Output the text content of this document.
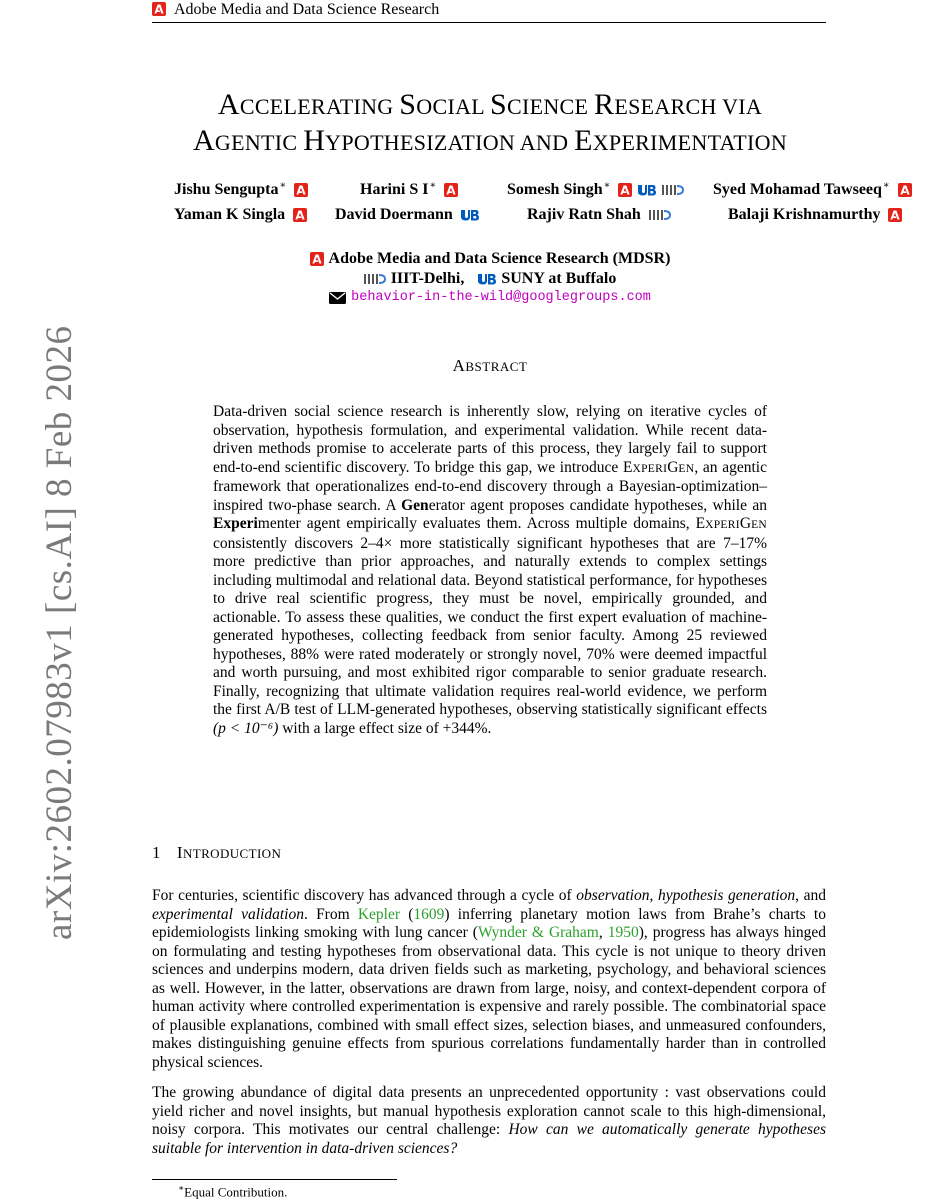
Adobe Media and Data Science Research
arXiv:2602.07983v1 [cs.AI] 8 Feb 2026
ACCELERATING SOCIAL SCIENCE RESEARCH VIA
AGENTIC HYPOTHESIZATION AND EXPERIMENTATION
Jishu Sengupta∗	Harini S I∗	Somesh Singh∗	Syed Mohamad Tawseeq∗
Yaman K Singla	David Doermann	Rajiv Ratn Shah	Balaji Krishnamurthy
Adobe Media and Data Science Research (MDSR)
IIIT-Delhi, SUNY at Buffalo
behavior-in-the-wild@googlegroups.com
ABSTRACT
Data-driven social science research is inherently slow, relying on iterative cycles of observation, hypothesis formulation, and experimental validation. While recent data-driven methods promise to accelerate parts of this process, they largely fail to support end-to-end scientific discovery. To bridge this gap, we introduce EXPERIGEN, an agentic framework that operationalizes end-to-end discovery through a Bayesian-optimization–inspired two-phase search. A Generator agent proposes candidate hypotheses, while an Experimenter agent empirically evaluates them. Across multiple domains, EXPERIGEN consistently discovers 2–4× more statistically significant hypotheses that are 7–17% more predictive than prior approaches, and naturally extends to complex settings including multimodal and relational data. Beyond statistical performance, for hypotheses to drive real scientific progress, they must be novel, empirically grounded, and actionable. To assess these qualities, we conduct the first expert evaluation of machine-generated hypotheses, collecting feedback from senior faculty. Among 25 reviewed hypotheses, 88% were rated moderately or strongly novel, 70% were deemed impactful and worth pursuing, and most exhibited rigor comparable to senior graduate research. Finally, recognizing that ultimate validation requires real-world evidence, we perform the first A/B test of LLM-generated hypotheses, observing statistically significant effects (p < 10⁻⁶) with a large effect size of +344%.
1 INTRODUCTION
For centuries, scientific discovery has advanced through a cycle of observation, hypothesis generation, and experimental validation. From Kepler (1609) inferring planetary motion laws from Brahe’s charts to epidemiologists linking smoking with lung cancer (Wynder & Graham, 1950), progress has always hinged on formulating and testing hypotheses from observational data. This cycle is not unique to theory driven sciences and underpins modern, data driven fields such as marketing, psychology, and behavioral sciences as well. However, in the latter, observations are drawn from large, noisy, and context-dependent corpora of human activity where controlled experimentation is expensive and rarely possible. The combinatorial space of plausible explanations, combined with small effect sizes, selection biases, and unmeasured confounders, makes distinguishing genuine effects from spurious correlations fundamentally harder than in controlled physical sciences.
The growing abundance of digital data presents an unprecedented opportunity : vast observations could yield richer and novel insights, but manual hypothesis exploration cannot scale to this high-dimensional, noisy corpora. This motivates our central challenge: How can we automatically generate hypotheses suitable for intervention in data-driven sciences?
∗Equal Contribution.
